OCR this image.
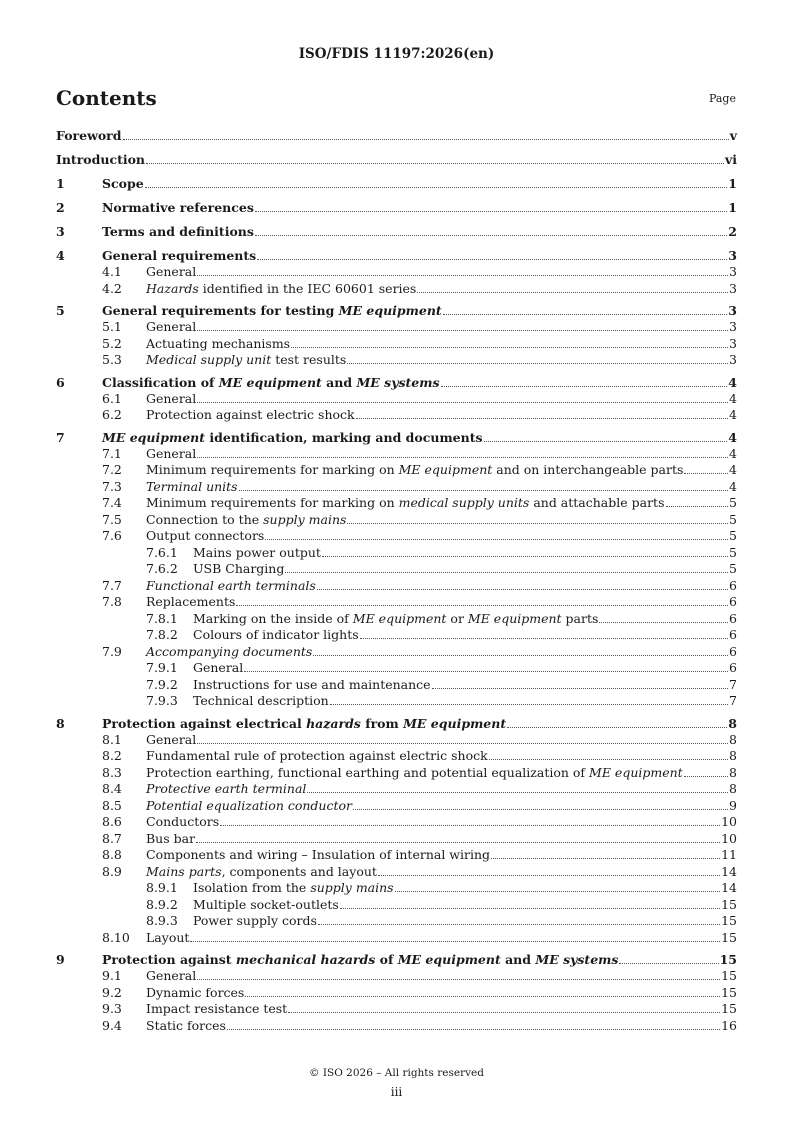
ISO/FDIS 11197:2026(en)
Contents	Page
Foreword	v
Introduction	vi
1	Scope	1
2	Normative references	1
3	Terms and definitions	2
4	General requirements	3
4.1	General	3
4.2	Hazards identified in the IEC 60601 series	3
5	General requirements for testing ME equipment	3
5.1	General	3
5.2	Actuating mechanisms	3
5.3	Medical supply unit test results	3
6	Classification of ME equipment and ME systems	4
6.1	General	4
6.2	Protection against electric shock	4
7	ME equipment identification, marking and documents	4
7.1	General	4
7.2	Minimum requirements for marking on ME equipment and on interchangeable parts	4
7.3	Terminal units	4
7.4	Minimum requirements for marking on medical supply units and attachable parts	5
7.5	Connection to the supply mains	5
7.6	Output connectors	5
7.6.1	Mains power output	5
7.6.2	USB Charging	5
7.7	Functional earth terminals	6
7.8	Replacements	6
7.8.1	Marking on the inside of ME equipment or ME equipment parts	6
7.8.2	Colours of indicator lights	6
7.9	Accompanying documents	6
7.9.1	General	6
7.9.2	Instructions for use and maintenance	7
7.9.3	Technical description	7
8	Protection against electrical hazards from ME equipment	8
8.1	General	8
8.2	Fundamental rule of protection against electric shock	8
8.3	Protection earthing, functional earthing and potential equalization of ME equipment	8
8.4	Protective earth terminal	8
8.5	Potential equalization conductor	9
8.6	Conductors	10
8.7	Bus bar	10
8.8	Components and wiring – Insulation of internal wiring	11
8.9	Mains parts, components and layout	14
8.9.1	Isolation from the supply mains	14
8.9.2	Multiple socket-outlets	15
8.9.3	Power supply cords	15
8.10	Layout	15
9	Protection against mechanical hazards of ME equipment and ME systems	15
9.1	General	15
9.2	Dynamic forces	15
9.3	Impact resistance test	15
9.4	Static forces	16
© ISO 2026 – All rights reserved
iii
